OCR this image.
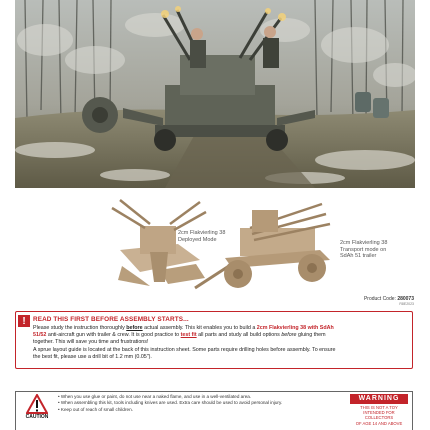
2cm Flakvierling 38
Deployed Mode
2cm Flakvierling 38
Transport mode on
SdAh 51 trailer
Product Code: 280073
R8E2023
!	READ THIS FIRST BEFORE ASSEMBLY STARTS...
Please study the instruction thoroughly before actual assembly. This kit enables you to build a 2cm Flakvierling 38 with SdAh
51/52 anti-aircraft gun with trailer & crew. It is good practice to test fit all parts and study all build options before gluing them
together. This will save you time and frustrations!
A sprue layout guide is located at the back of this instruction sheet. Some parts require drilling holes before assembly. To ensure
the best fit, please use a drill bit of 1.2 mm (0.05").
CAUTION
• When you use glue or paint, do not use near a naked flame, and use in a well-ventilated area.
• When assembling this kit, tools including knives are used. Extra care should be used to avoid personal injury.
• Keep out of reach of small children.
WARNING
THIS IS NOT A TOY
INTENDED FOR COLLECTORS
OF AGE 14 AND ABOVE
